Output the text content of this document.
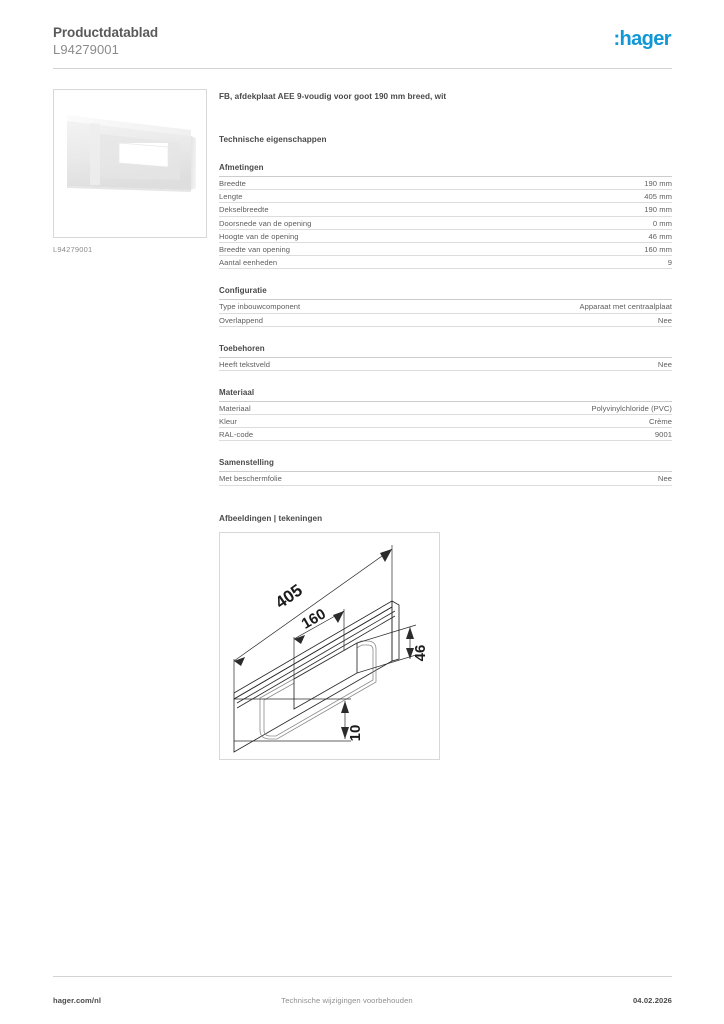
Productdatablad
L94279001	:hager
L94279001
FB, afdekplaat AEE 9-voudig voor goot 190 mm breed, wit
Technische eigenschappen
Afmetingen
Breedte	190 mm
Lengte	405 mm
Dekselbreedte	190 mm
Doorsnede van de opening	0 mm
Hoogte van de opening	46 mm
Breedte van opening	160 mm
Aantal eenheden	9
Configuratie
Type inbouwcomponent	Apparaat met centraalplaat
Overlappend	Nee
Toebehoren
Heeft tekstveld	Nee
Materiaal
Materiaal	Polyvinylchloride (PVC)
Kleur	Crème
RAL-code	9001
Samenstelling
Met beschermfolie	Nee
Afbeeldingen | tekeningen
405
160
46
10
hager.com/nl	Technische wijzigingen voorbehouden	04.02.2026
